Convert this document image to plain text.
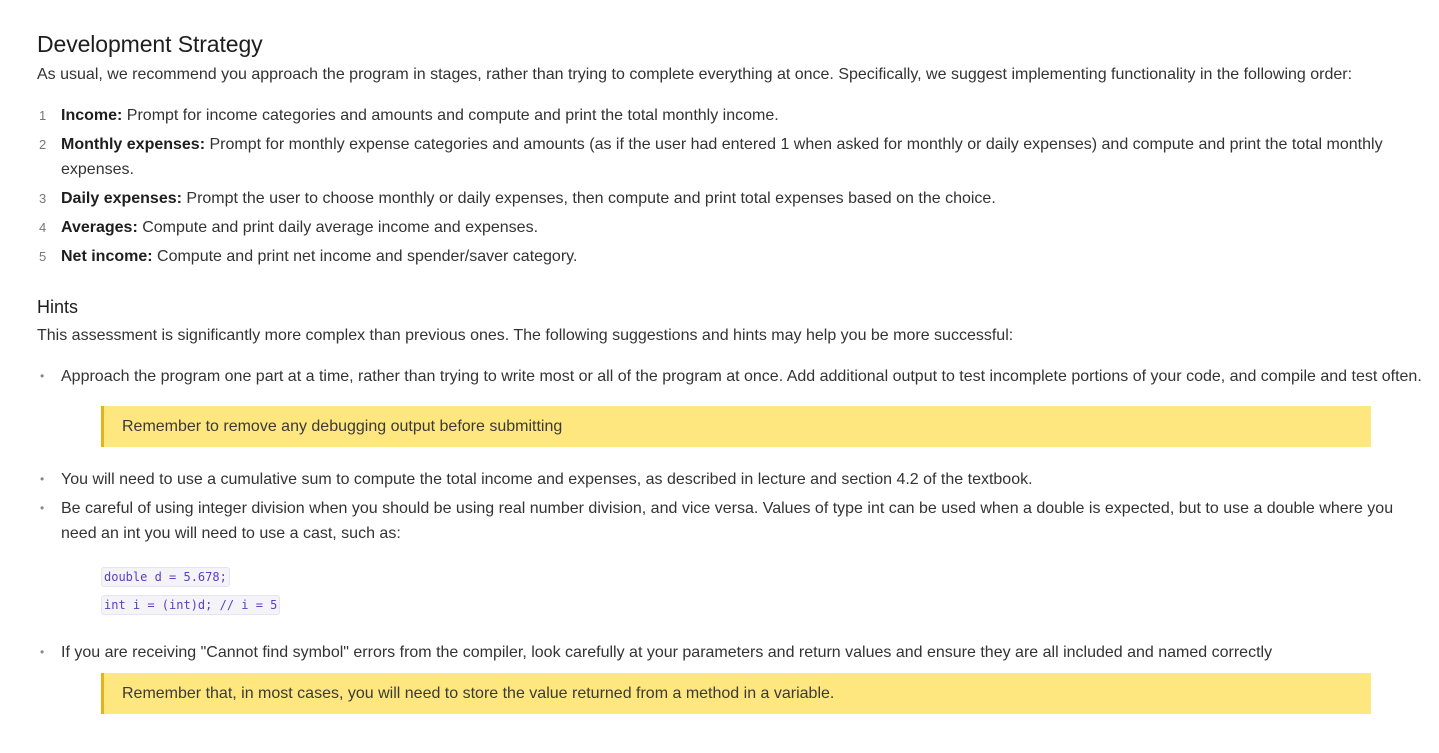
Development Strategy

As usual, we recommend you approach the program in stages, rather than trying to complete everything at once. Specifically, we suggest implementing functionality in the following order:

1 Income: Prompt for income categories and amounts and compute and print the total monthly income.
2 Monthly expenses: Prompt for monthly expense categories and amounts (as if the user had entered 1 when asked for monthly or daily expenses) and compute and print the total monthly expenses.
3 Daily expenses: Prompt the user to choose monthly or daily expenses, then compute and print total expenses based on the choice.
4 Averages: Compute and print daily average income and expenses.
5 Net income: Compute and print net income and spender/saver category.
Hints

This assessment is significantly more complex than previous ones. The following suggestions and hints may help you be more successful:

• Approach the program one part at a time, rather than trying to write most or all of the program at once. Add additional output to test incomplete portions of your code, and compile and test often.
Remember to remove any debugging output before submitting
• You will need to use a cumulative sum to compute the total income and expenses, as described in lecture and section 4.2 of the textbook.
• Be careful of using integer division when you should be using real number division, and vice versa. Values of type int can be used when a double is expected, but to use a double where you need an int you will need to use a cast, such as:
double d = 5.678;
int i = (int)d; // i = 5
• If you are receiving "Cannot find symbol" errors from the compiler, look carefully at your parameters and return values and ensure they are all included and named correctly
Remember that, in most cases, you will need to store the value returned from a method in a variable.
